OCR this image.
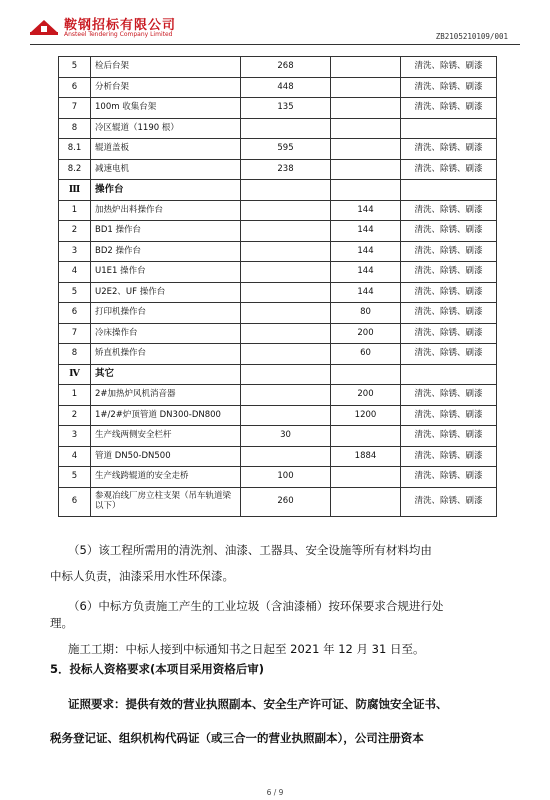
鞍钢招标有限公司
Ansteel Tendering Company Limited	ZB2105210109/001
5	检后台架	268		清洗、除锈、刷漆
6	分析台架	448		清洗、除锈、刷漆
7	100m 收集台架	135		清洗、除锈、刷漆
8	冷区辊道（1190 根）			
8.1	辊道盖板	595		清洗、除锈、刷漆
8.2	减速电机	238		清洗、除锈、刷漆
Ⅲ	操作台			
1	加热炉出料操作台		144	清洗、除锈、刷漆
2	BD1 操作台		144	清洗、除锈、刷漆
3	BD2 操作台		144	清洗、除锈、刷漆
4	U1E1 操作台		144	清洗、除锈、刷漆
5	U2E2、UF 操作台		144	清洗、除锈、刷漆
6	打印机操作台		80	清洗、除锈、刷漆
7	冷床操作台		200	清洗、除锈、刷漆
8	矫直机操作台		60	清洗、除锈、刷漆
Ⅳ	其它			
1	2#加热炉风机消音器		200	清洗、除锈、刷漆
2	1#/2#炉顶管道 DN300-DN800		1200	清洗、除锈、刷漆
3	生产线两侧安全栏杆	30		清洗、除锈、刷漆
4	管道 DN50-DN500		1884	清洗、除锈、刷漆
5	生产线跨辊道的安全走桥	100		清洗、除锈、刷漆
6	参观冶线厂房立柱支架（吊车轨道梁以下）	260		清洗、除锈、刷漆
（5）该工程所需用的清洗剂、油漆、工器具、安全设施等所有材料均由
中标人负责，油漆采用水性环保漆。
（6）中标方负责施工产生的工业垃圾（含油漆桶）按环保要求合规进行处
理。
施工工期：中标人接到中标通知书之日起至 2021 年 12 月 31 日至。
5．投标人资格要求(本项目采用资格后审)
证照要求：提供有效的营业执照副本、安全生产许可证、防腐蚀安全证书、
税务登记证、组织机构代码证（或三合一的营业执照副本），公司注册资本
6 / 9
